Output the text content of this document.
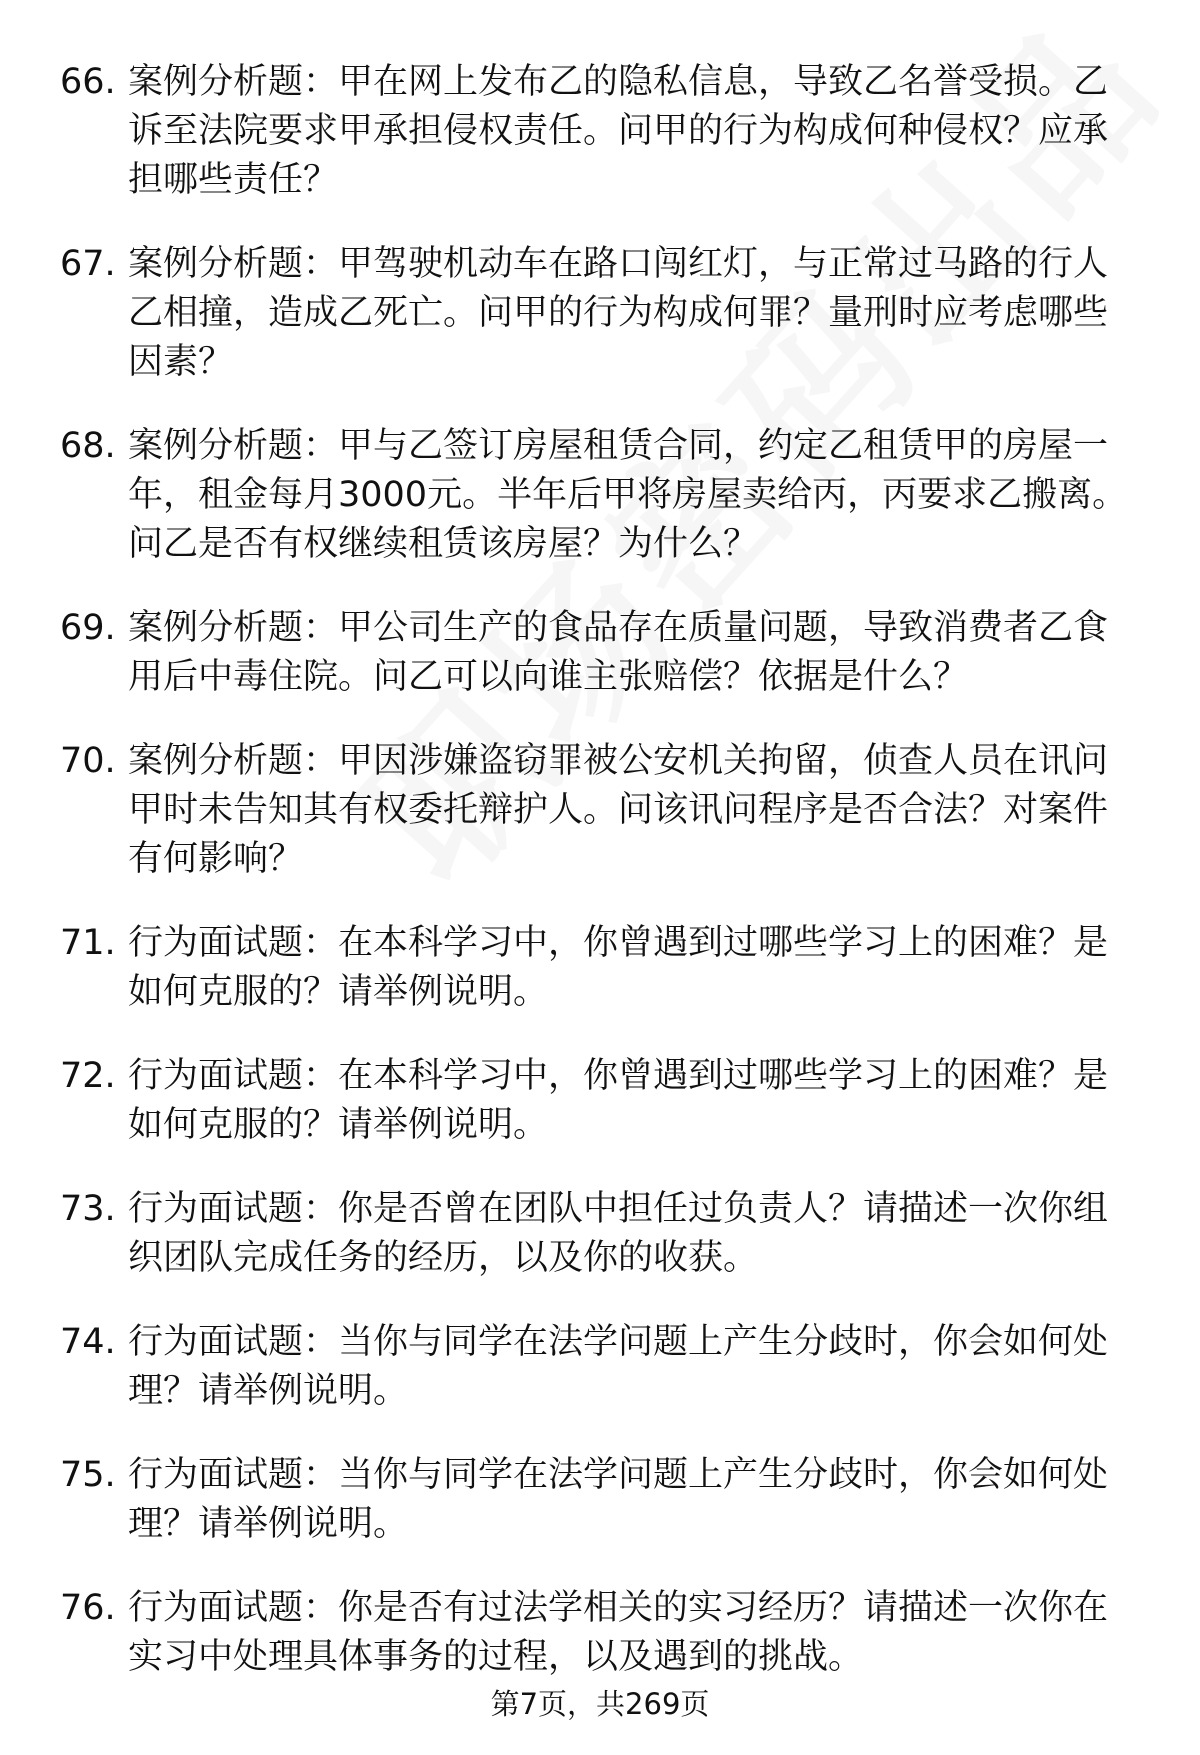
66. 案例分析题：甲在网上发布乙的隐私信息，导致乙名誉受损。乙诉至法院要求甲承担侵权责任。问甲的行为构成何种侵权？应承担哪些责任？
67. 案例分析题：甲驾驶机动车在路口闯红灯，与正常过马路的行人乙相撞，造成乙死亡。问甲的行为构成何罪？量刑时应考虑哪些因素？
68. 案例分析题：甲与乙签订房屋租赁合同，约定乙租赁甲的房屋一年，租金每月3000元。半年后甲将房屋卖给丙，丙要求乙搬离。问乙是否有权继续租赁该房屋？为什么？
69. 案例分析题：甲公司生产的食品存在质量问题，导致消费者乙食用后中毒住院。问乙可以向谁主张赔偿？依据是什么？
70. 案例分析题：甲因涉嫌盗窃罪被公安机关拘留，侦查人员在讯问甲时未告知其有权委托辩护人。问该讯问程序是否合法？对案件有何影响？
71. 行为面试题：在本科学习中，你曾遇到过哪些学习上的困难？是如何克服的？请举例说明。
72. 行为面试题：在本科学习中，你曾遇到过哪些学习上的困难？是如何克服的？请举例说明。
73. 行为面试题：你是否曾在团队中担任过负责人？请描述一次你组织团队完成任务的经历，以及你的收获。
74. 行为面试题：当你与同学在法学问题上产生分歧时，你会如何处理？请举例说明。
75. 行为面试题：当你与同学在法学问题上产生分歧时，你会如何处理？请举例说明。
76. 行为面试题：你是否有过法学相关的实习经历？请描述一次你在实习中处理具体事务的过程，以及遇到的挑战。
第7页，共269页
